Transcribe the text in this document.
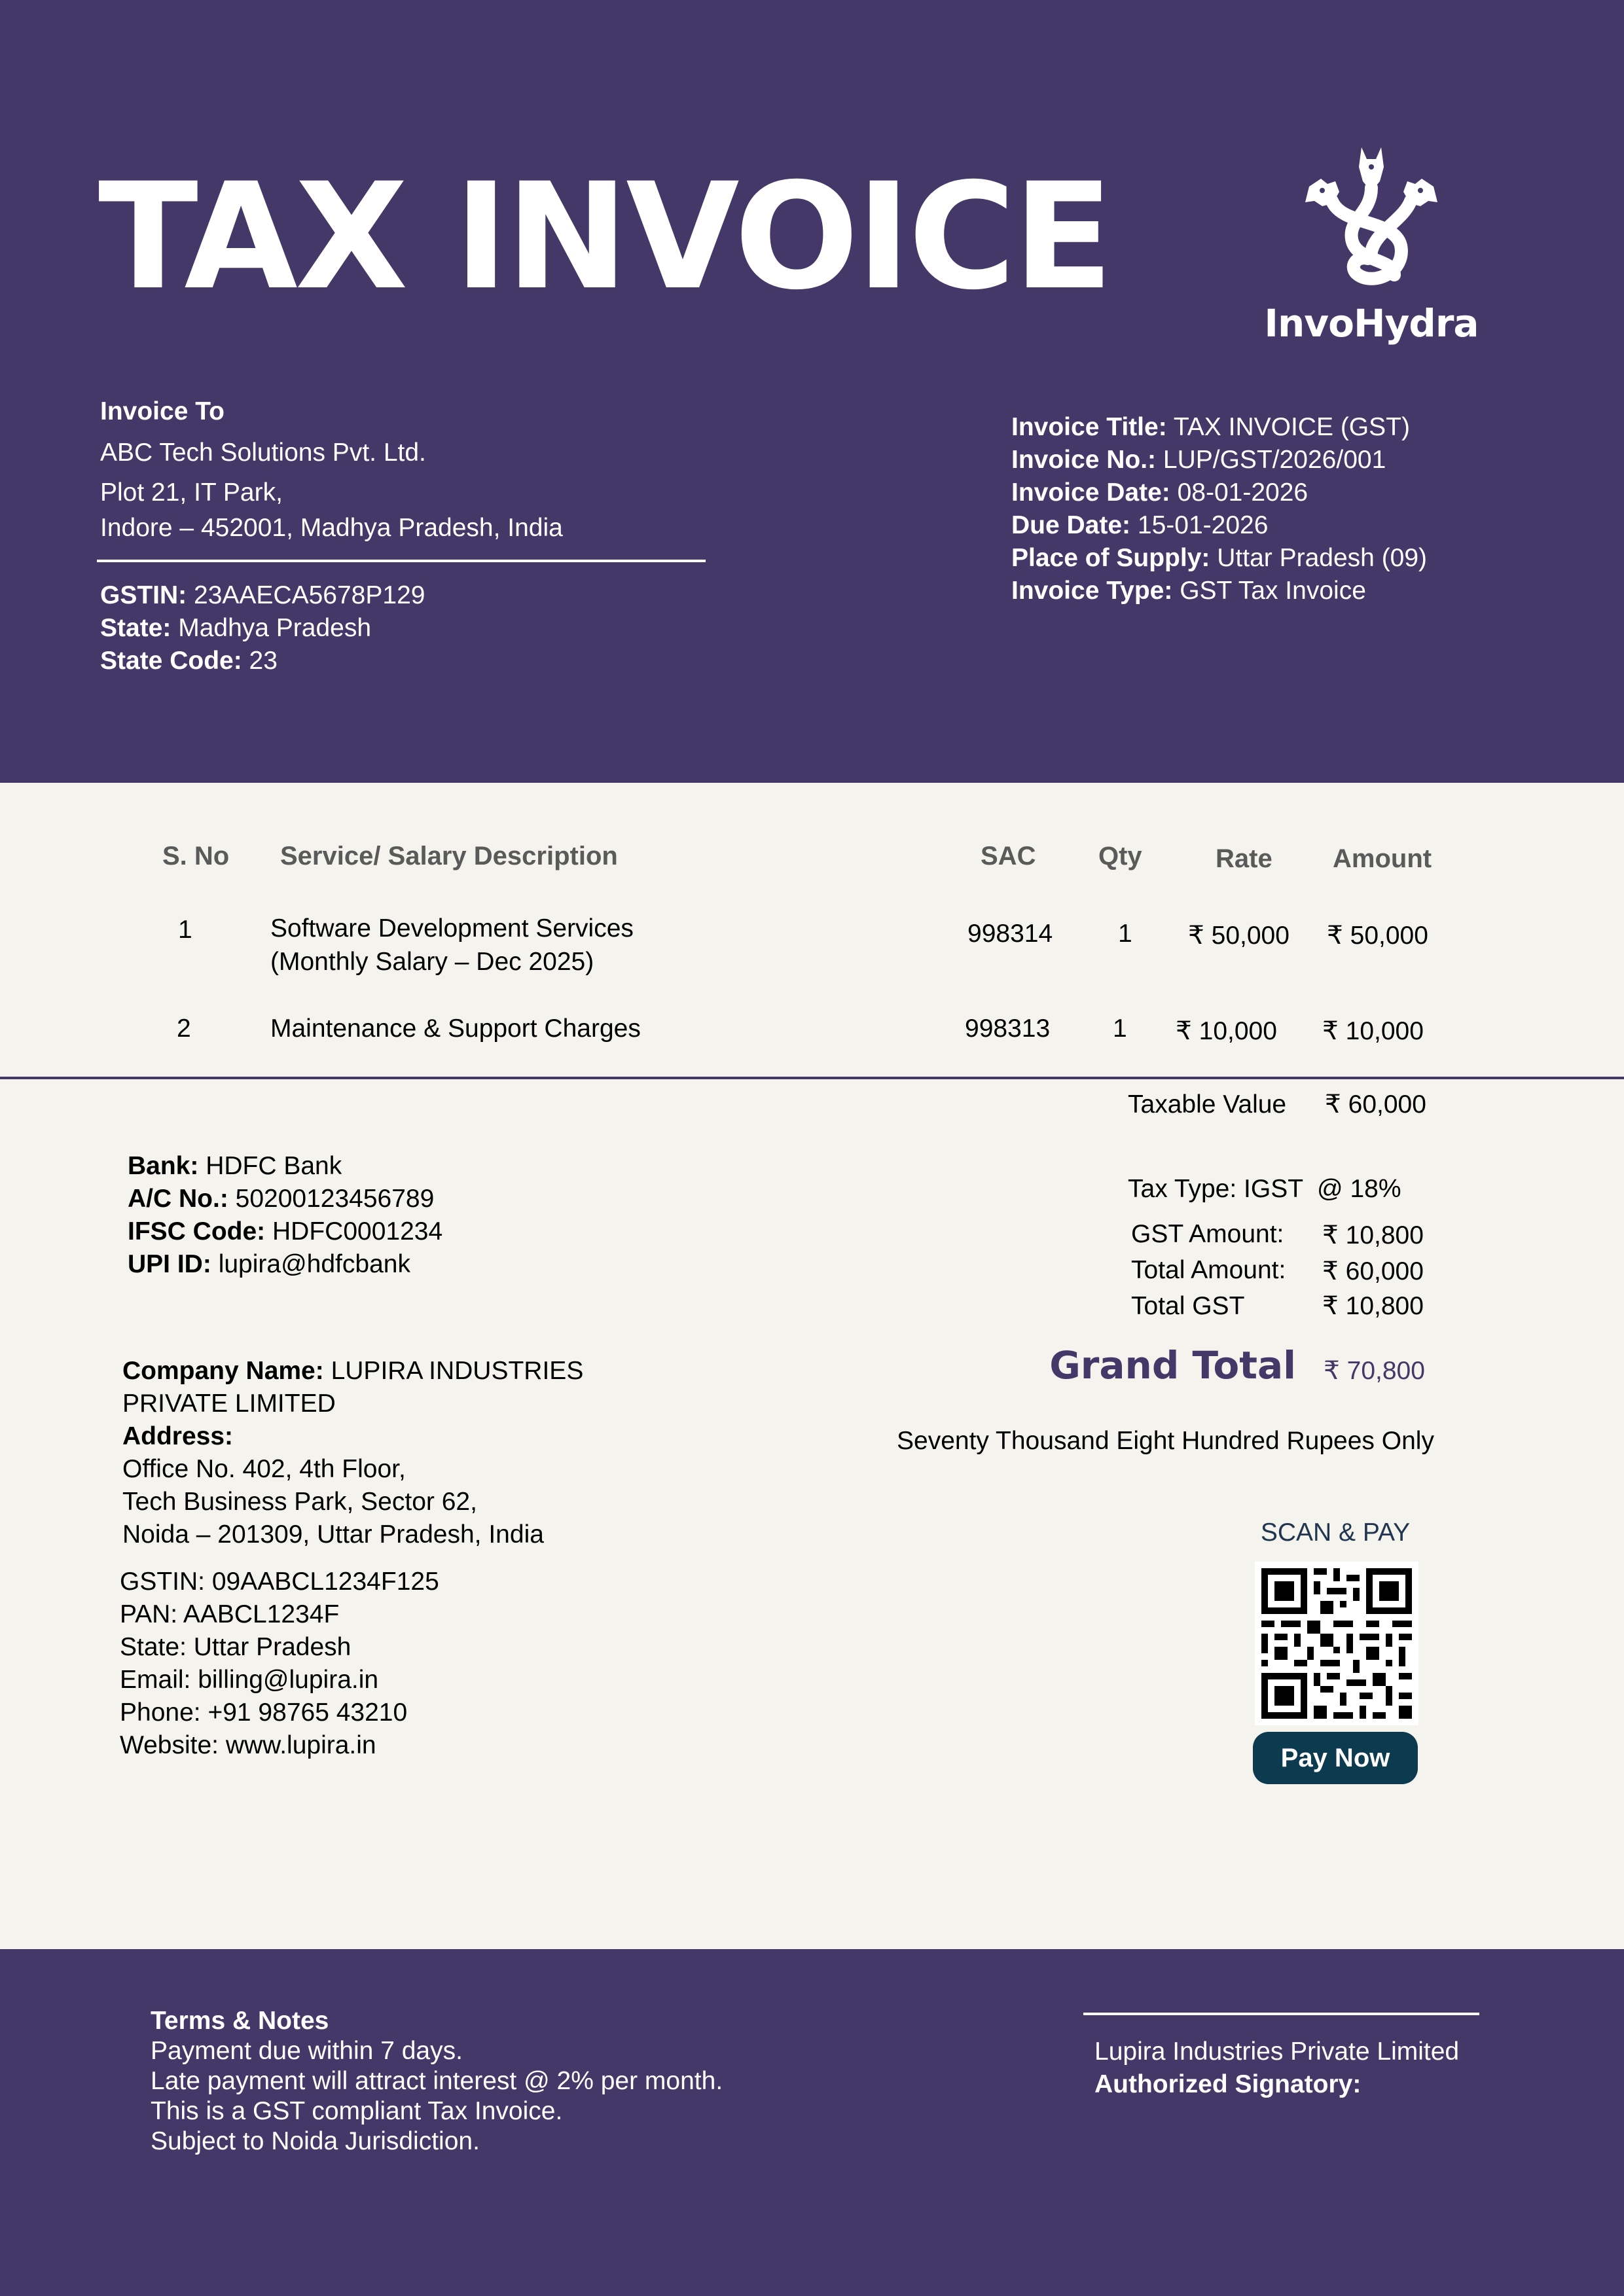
TAX INVOICE
InvoHydra
Invoice To
ABC Tech Solutions Pvt. Ltd.
Plot 21, IT Park,
Indore – 452001, Madhya Pradesh, India
GSTIN: 23AAECA5678P129
State: Madhya Pradesh
State Code: 23
Invoice Title: TAX INVOICE (GST)
Invoice No.: LUP/GST/2026/001
Invoice Date: 08-01-2026
Due Date: 15-01-2026
Place of Supply: Uttar Pradesh (09)
Invoice Type: GST Tax Invoice
S. No Service/ Salary Description	SAC Qty	Rate Amount
1	Software Development Services
(Monthly Salary – Dec 2025)
998314	1 ₹ 50,000 ₹ 50,000
2	Maintenance & Support Charges	998313 1 ₹ 10,000 ₹ 10,000
Taxable Value ₹ 60,000
Tax Type: IGST  @ 18%
GST Amount: ₹ 10,800
Total Amount: ₹ 60,000
Total GST	₹ 10,800
Grand Total ₹ 70,800
Seventy Thousand Eight Hundred Rupees Only
Bank: HDFC Bank
A/C No.: 50200123456789
IFSC Code: HDFC0001234
UPI ID: lupira@hdfcbank
Company Name: LUPIRA INDUSTRIES
PRIVATE LIMITED
Address:
Office No. 402, 4th Floor,
Tech Business Park, Sector 62,
Noida – 201309, Uttar Pradesh, India
GSTIN: 09AABCL1234F125
PAN: AABCL1234F
State: Uttar Pradesh
Email: billing@lupira.in
Phone: +91 98765 43210
Website: www.lupira.in
SCAN & PAY
Pay Now
Terms & Notes
Payment due within 7 days.
Late payment will attract interest @ 2% per month.
This is a GST compliant Tax Invoice.
Subject to Noida Jurisdiction.
Lupira Industries Private Limited
Authorized Signatory:
